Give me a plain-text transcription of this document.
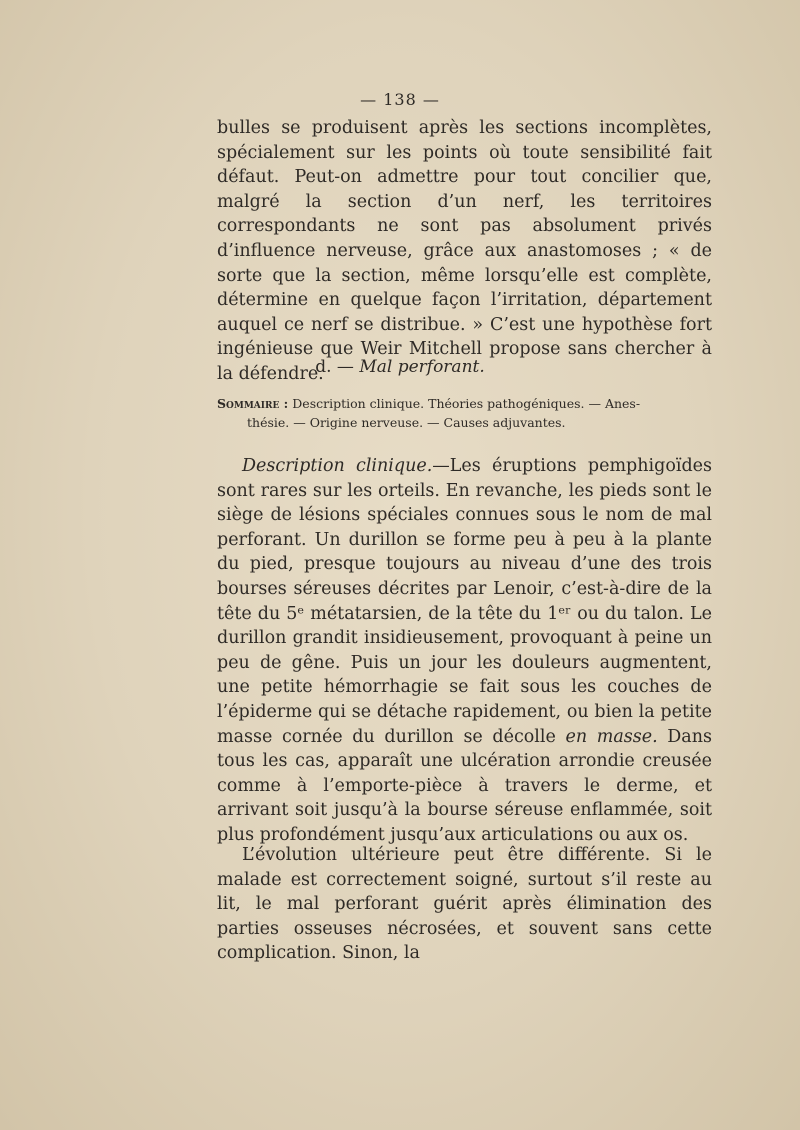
— 138 —

bulles se produisent après les sections incomplètes, spécialement sur les points où toute sensibilité fait défaut. Peut-on admettre pour tout concilier que, malgré la section d’un nerf, les territoires correspondants ne sont pas absolument privés d’influence nerveuse, grâce aux anastomoses ; « de sorte que la section, même lorsqu’elle est complète, détermine en quelque façon l’irritation, département auquel ce nerf se distribue. » C’est une hypothèse fort ingénieuse que Weir Mitchell propose sans chercher à la défendre.

d. — Mal perforant.
Sommaire : Description clinique. Théories pathogéniques. — Anes-
thésie. — Origine nerveuse. — Causes adjuvantes.

Description clinique.—Les éruptions pemphigoïdes sont rares sur les orteils. En revanche, les pieds sont le siège de lésions spéciales connues sous le nom de mal perforant. Un durillon se forme peu à peu à la plante du pied, presque toujours au niveau d’une des trois bourses séreuses décrites par Lenoir, c’est-à-dire de la tête du 5ᵉ métatarsien, de la tête du 1ᵉʳ ou du talon. Le durillon grandit insidieusement, provoquant à peine un peu de gêne. Puis un jour les douleurs augmentent, une petite hémorrhagie se fait sous les couches de l’épiderme qui se détache rapidement, ou bien la petite masse cornée du durillon se décolle en masse. Dans tous les cas, apparaît une ulcération arrondie creusée comme à l’emporte-pièce à travers le derme, et arrivant soit jusqu’à la bourse séreuse enflammée, soit plus profondément jusqu’aux articulations ou aux os.

L’évolution ultérieure peut être différente. Si le malade est correctement soigné, surtout s’il reste au lit, le mal perforant guérit après élimination des parties osseuses nécrosées, et souvent sans cette complication. Sinon, la
